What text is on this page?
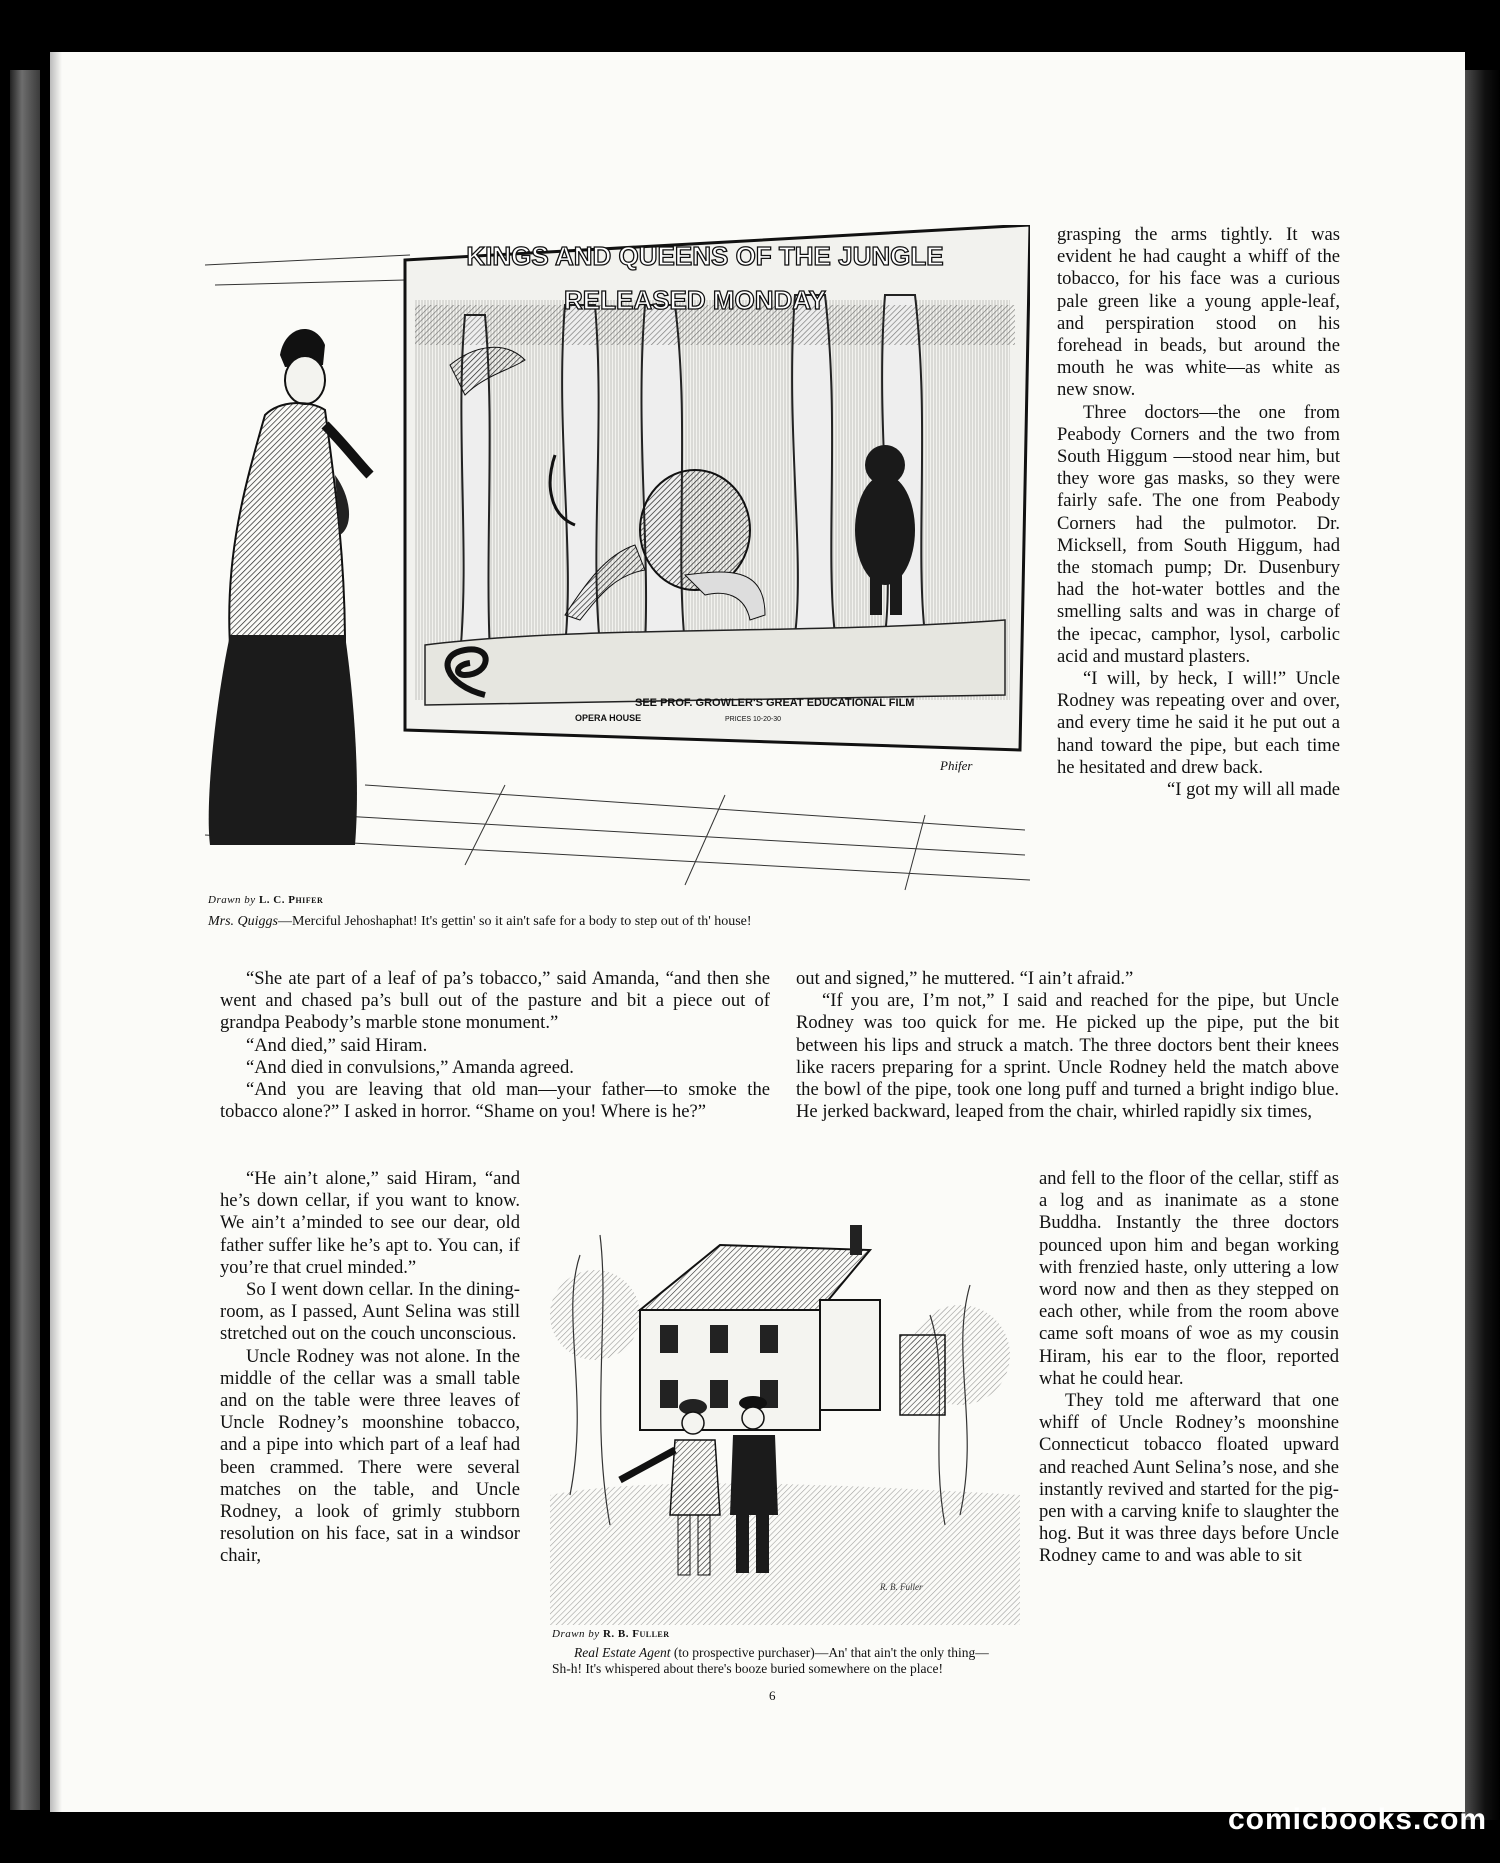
KINGS AND QUEENS OF THE JUNGLE
RELEASED MONDAY
SEE PROF. GROWLER'S GREAT EDUCATIONAL FILM
OPERA HOUSE	PRICES 10-20-30
Phifer
Drawn by L. C. Phifer
Mrs. Quiggs—Merciful Jehoshaphat! It's gettin' so it ain't safe for a body to step out of th' house!

grasping the arms tightly. It was evident he had caught a whiff of the tobacco, for his face was a curious pale green like a young apple-leaf, and perspiration stood on his forehead in beads, but around the mouth he was white—as white as new snow.

Three doctors—the one from Peabody Corners and the two from South Higgum —stood near him, but they wore gas masks, so they were fairly safe. The one from Peabody Corners had the pulmotor. Dr. Micksell, from South Higgum, had the stomach pump; Dr. Dusenbury had the hot-water bottles and the smelling salts and was in charge of the ipecac, camphor, lysol, carbolic acid and mustard plasters.

“I will, by heck, I will!” Uncle Rodney was repeating over and over, and every time he said it he put out a hand toward the pipe, but each time he hesitated and drew back.

“I got my will all made

“She ate part of a leaf of pa’s tobacco,” said Amanda, “and then she went and chased pa’s bull out of the pasture and bit a piece out of grandpa Peabody’s marble stone monument.”

“And died,” said Hiram.

“And died in convulsions,” Amanda agreed.

“And you are leaving that old man—your father—to smoke the tobacco alone?” I asked in horror. “Shame on you! Where is he?”

“He ain’t alone,” said Hiram, “and he’s down cellar, if you want to know. We ain’t a’minded to see our dear, old father suffer like he’s apt to. You can, if you’re that cruel minded.”

So I went down cellar. In the dining-room, as I passed, Aunt Selina was still stretched out on the couch unconscious.

Uncle Rodney was not alone. In the middle of the cellar was a small table and on the table were three leaves of Uncle Rodney’s moonshine tobacco, and a pipe into which part of a leaf had been crammed. There were several matches on the table, and Uncle Rodney, a look of grimly stubborn resolution on his face, sat in a windsor chair,

out and signed,” he muttered. “I ain’t afraid.”

“If you are, I’m not,” I said and reached for the pipe, but Uncle Rodney was too quick for me. He picked up the pipe, put the bit between his lips and struck a match. The three doctors bent their knees like racers preparing for a sprint. Uncle Rodney held the match above the bowl of the pipe, took one long puff and turned a bright indigo blue. He jerked backward, leaped from the chair, whirled rapidly six times,

and fell to the floor of the cellar, stiff as a log and as inanimate as a stone Buddha. Instantly the three doctors pounced upon him and began working with frenzied haste, only uttering a low word now and then as they stepped on each other, while from the room above came soft moans of woe as my cousin Hiram, his ear to the floor, reported what he could hear.

They told me afterward that one whiff of Uncle Rodney’s moonshine Connecticut tobacco floated upward and reached Aunt Selina’s nose, and she instantly revived and started for the pig-pen with a carving knife to slaughter the hog. But it was three days before Uncle Rodney came to and was able to sit

R. B. Fuller
Drawn by R. B. Fuller
Real Estate Agent (to prospective purchaser)—An' that ain't the only thing—Sh-h! It's whispered about there's booze buried somewhere on the place!
6
comicbooks.com
